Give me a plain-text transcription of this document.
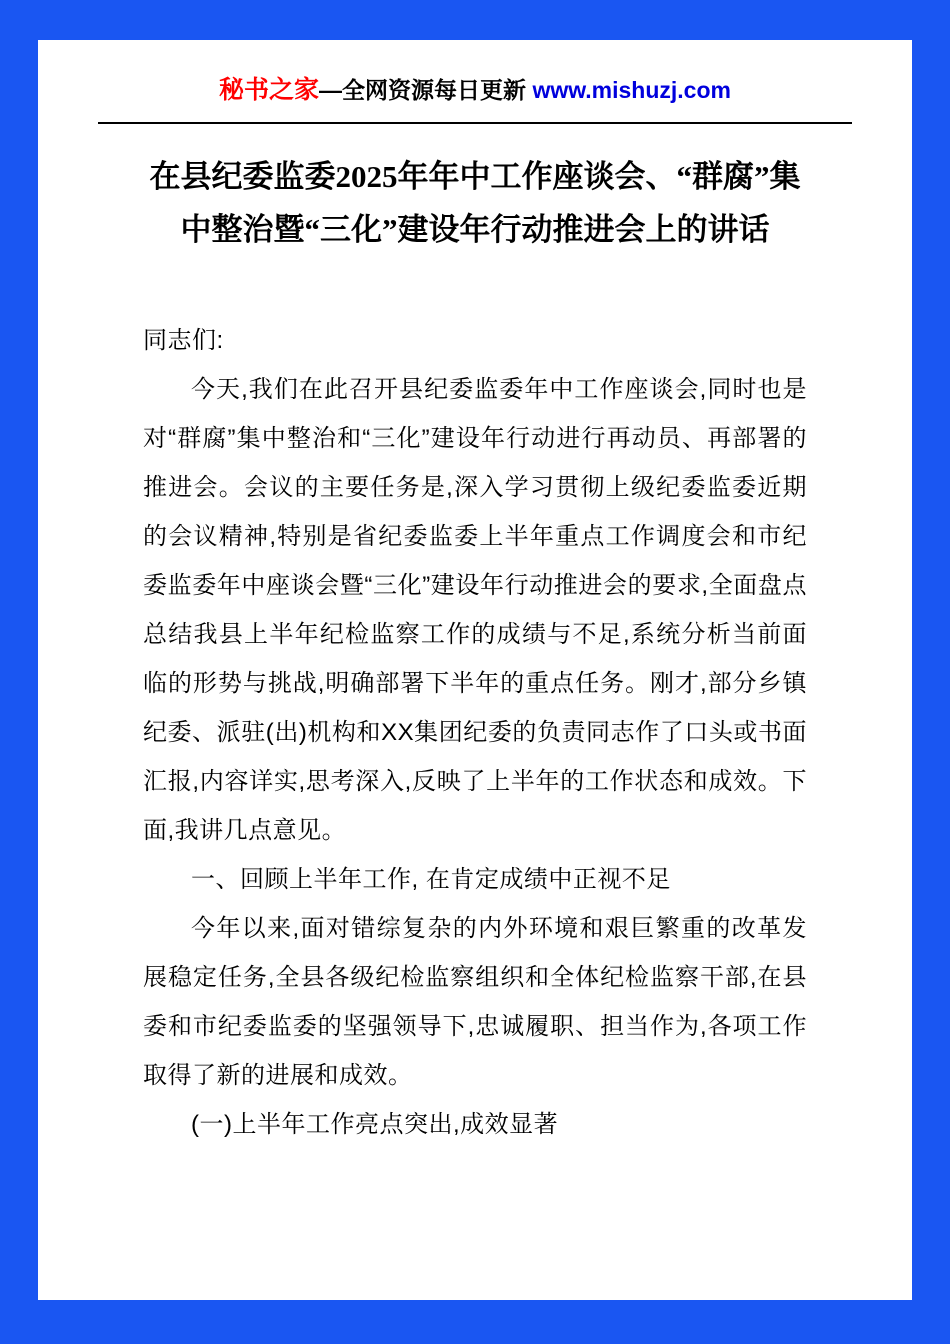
秘书之家—全网资源每日更新 www.mishuzj.com
在县纪委监委2025年年中工作座谈会、“群腐”集中整治暨“三化”建设年行动推进会上的讲话

同志们:

今天,我们在此召开县纪委监委年中工作座谈会,同时也是对“群腐”集中整治和“三化”建设年行动进行再动员、再部署的推进会。会议的主要任务是,深入学习贯彻上级纪委监委近期的会议精神,特别是省纪委监委上半年重点工作调度会和市纪委监委年中座谈会暨“三化”建设年行动推进会的要求,全面盘点总结我县上半年纪检监察工作的成绩与不足,系统分析当前面临的形势与挑战,明确部署下半年的重点任务。刚才,部分乡镇纪委、派驻(出)机构和XX集团纪委的负责同志作了口头或书面汇报,内容详实,思考深入,反映了上半年的工作状态和成效。下面,我讲几点意见。

一、回顾上半年工作, 在肯定成绩中正视不足

今年以来,面对错综复杂的内外环境和艰巨繁重的改革发展稳定任务,全县各级纪检监察组织和全体纪检监察干部,在县委和市纪委监委的坚强领导下,忠诚履职、担当作为,各项工作取得了新的进展和成效。

(一)上半年工作亮点突出,成效显著
